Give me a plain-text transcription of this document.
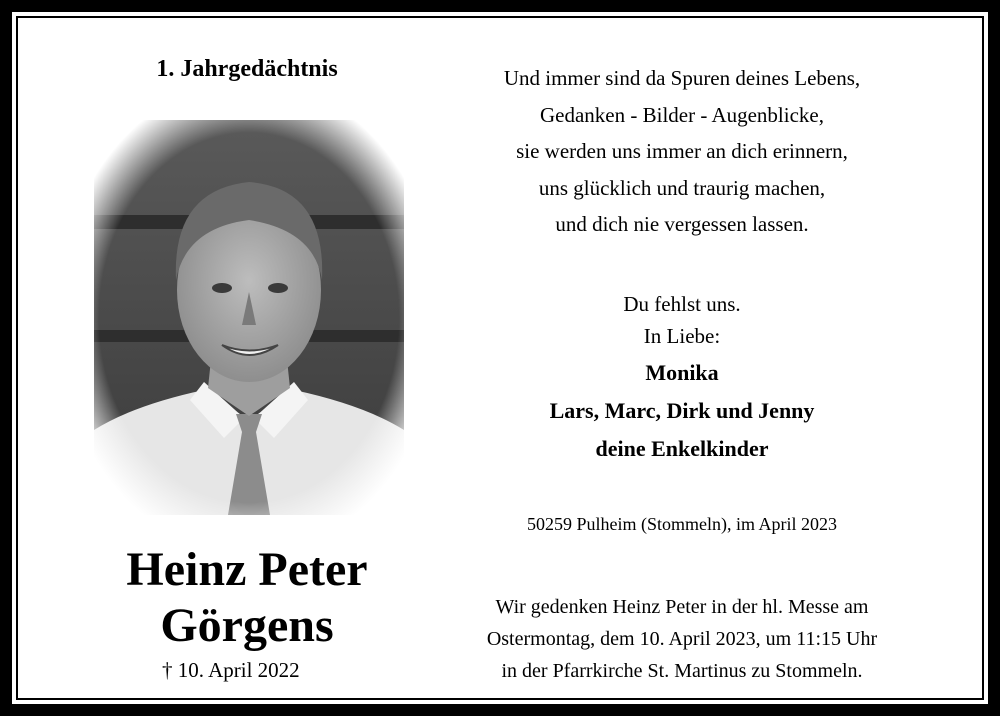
1. Jahrgedächtnis
Heinz Peter
Görgens
† 10. April 2022
Und immer sind da Spuren deines Lebens,
Gedanken - Bilder - Augenblicke,
sie werden uns immer an dich erinnern,
uns glücklich und traurig machen,
und dich nie vergessen lassen.
Du fehlst uns.
In Liebe:
Monika
Lars, Marc, Dirk und Jenny
deine Enkelkinder
50259 Pulheim (Stommeln), im April 2023
Wir gedenken Heinz Peter in der hl. Messe am
Ostermontag, dem 10. April 2023, um 11:15 Uhr
in der Pfarrkirche St. Martinus zu Stommeln.
